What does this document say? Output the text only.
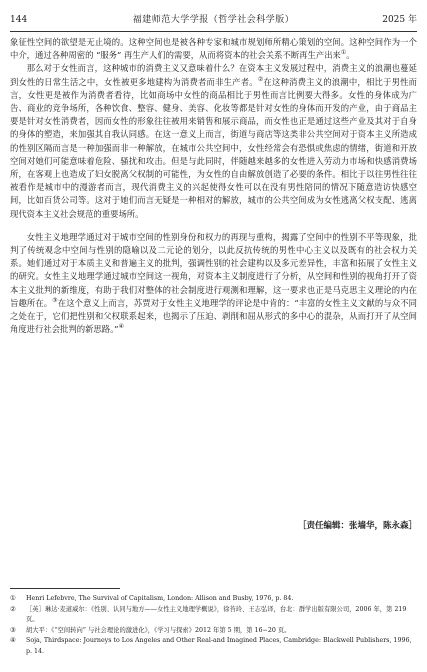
144	福建师范大学学报（哲学社会科学版）	2025 年

象征性空间的欲望是无止境的。这种空间也是被各种专家和城市规划师所精心策划的空间。这种空间作为一个中介，通过各种周密的 “服务” 再生产人们的需要，从而将资本的社会关系不断再生产出来①。

那么对于女性而言，这种城市的消费主义又意味着什么？在资本主义发展过程中，消费主义的浪潮也蔓延到女性的日常生活之中，女性被更多地建构为消费者而非生产者。②在这种消费主义的浪潮中，相比于男性而言，女性更是被作为消费者看待，比如商场中女性的商品相比于男性而言比例要大得多。女性的身体成为广告、商业的竞争场所，各种饮食、整容、健身、美容、化妆等都是针对女性的身体而开发的产业，由于商品主要是针对女性消费者，因而女性的形象往往被用来销售和展示商品，而女性也正是通过这些产业及其对于自身的身体的塑造，来加强其自我认同感。在这一意义上而言，街道与商店等这类非公共空间对于资本主义所造成的性别区隔而言是一种加强而非一种解放，在城市公共空间中，女性经常会有恐惧或焦虑的情绪，街道和开放空间对她们可能意味着危险、骚扰和攻击。但是与此同时，伴随越来越多的女性进入劳动力市场和快感消费场所，在客观上也造成了妇女脱离父权制的可能性，为女性的自由解放创造了必要的条件。相比于以往男性往往被看作是城市中的漫游者而言，现代消费主义的兴起使得女性可以在没有男性陪同的情况下随意造访快感空间，比如百货公司等。这对于她们而言无疑是一种相对的解放，城市的公共空间成为女性逃离父权支配、逃离现代资本主义社会规范的重要场所。

女性主义地理学通过对于城市空间的性别身份和权力的再现与重构，揭露了空间中的性别不平等现象，批判了传统观念中空间与性别的隐喻以及二元论的划分，以此反抗传统的男性中心主义以及既有的社会权力关系。她们通过对于本质主义和普遍主义的批判，强调性别的社会建构以及多元差异性，丰富和拓展了女性主义的研究。女性主义地理学通过城市空间这一视角，对资本主义制度进行了分析，从空间和性别的视角打开了资本主义批判的新维度，有助于我们对整体的社会制度进行观测和理解，这一要求也正是马克思主义理论的内在旨趣所在。③在这个意义上而言，苏贾对于女性主义地理学的评论是中肯的：“丰富的女性主义文献的与众不同之处在于，它们把性别和父权联系起来，也揭示了压迫、剥削和屈从形式的多中心的混杂，从而打开了从空间角度进行社会批判的新思路。”④

［责任编辑：张墙华，陈永森］
①	Henri Lefebvre, The Survival of Capitalism, London: Allison and Busby, 1976, p. 84.
②	［英］琳达·麦道威尔：《性别、认同与地方——女性主义地理学概说》，徐苔玲、王志弘译，台北：群学出版有限公司，2006 年，第 219 页。
③	胡大平：《“空间转向” 与社会理论的激进化》，《学习与探索》2012 年第 5 期，第 16−20 页。
④	Soja, Thirdspace: Journeys to Los Angeles and Other Real-and Imagined Places, Cambridge: Blackwell Publishers, 1996, p. 14.
